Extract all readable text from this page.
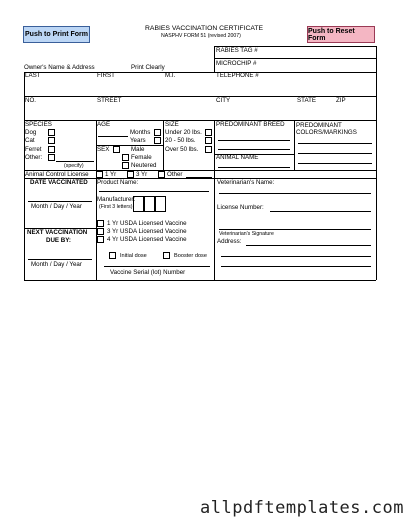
Push to Print Form	Push to Reset Form
RABIES VACCINATION CERTIFICATE
NASPHV FORM 51 (revised 2007)
RABIES TAG #
MICROCHIP #
Owner's Name & Address	Print Clearly
LAST	FIRST	M.I.	TELEPHONE #
NO.	STREET	CITY	STATE	ZIP
SPECIES
Dog
Cat
Ferret
Other:
(specify)
AGE
Months
Years
SIZE
Under 20 lbs.
20 - 50 lbs.
Over 50 lbs.
SEX	Male
Female
Neutered
PREDOMINANT BREED
ANIMAL NAME
PREDOMINANT COLORS/MARKINGS
Animal Control License	1 Yr	3 Yr	Other
DATE VACCINATED
Month / Day / Year
NEXT VACCINATION
DUE BY:
Month / Day / Year
Product Name:
Manufacturer:
(First 3 letters)
1 Yr USDA Licensed Vaccine
3 Yr USDA Licensed Vaccine
4 Yr USDA Licensed Vaccine
Initial dose	Booster dose
Vaccine Serial (lot) Number
Veterinarian's Name:
License Number:
Veterinarian's Signature
Address:
allpdftemplates.com
